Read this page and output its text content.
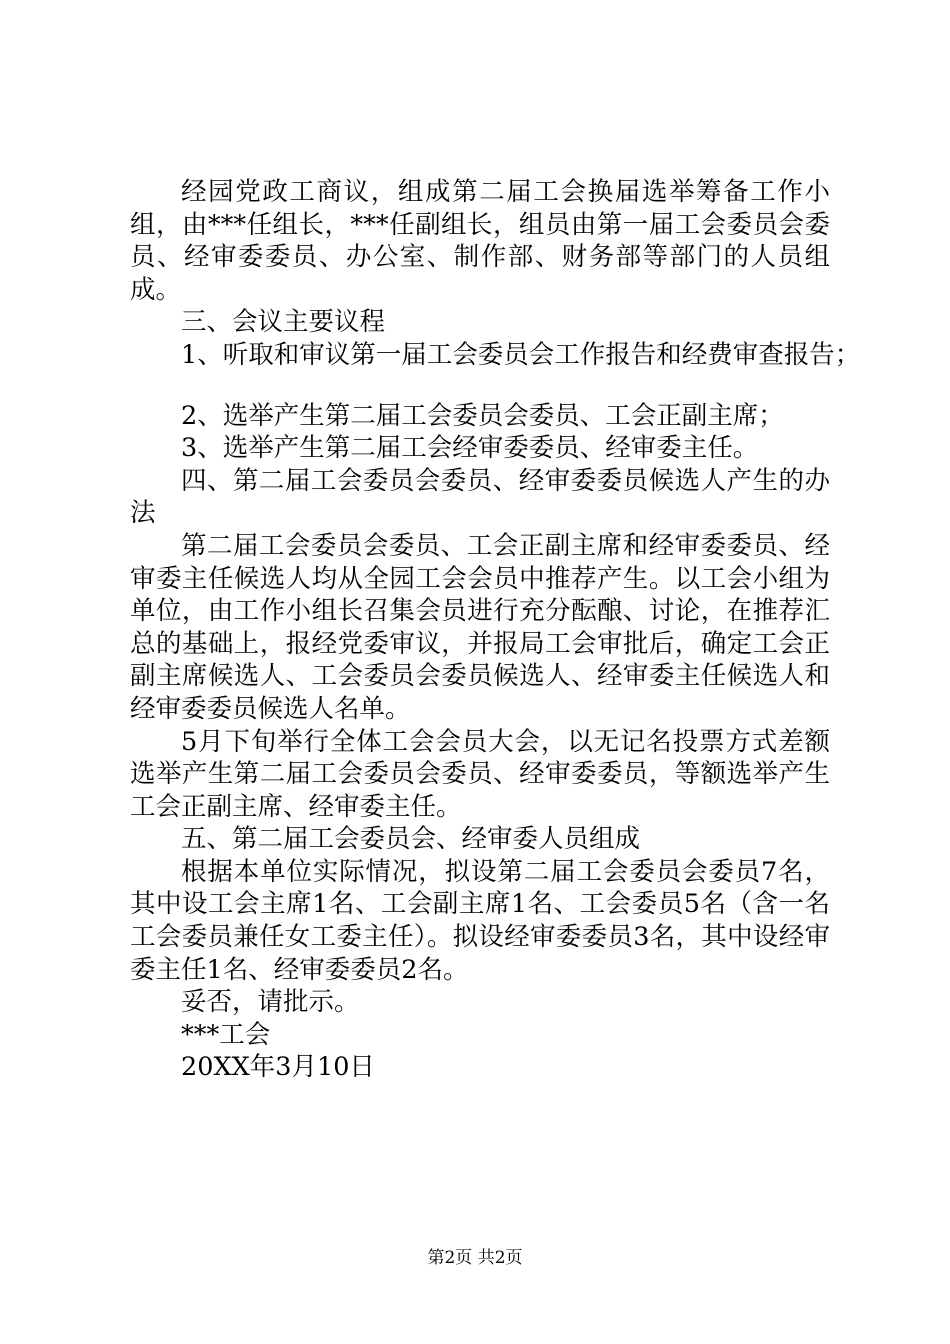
经园党政工商议，组成第二届工会换届选举筹备工作小组，由***任组长，***任副组长，组员由第一届工会委员会委员、经审委委员、办公室、制作部、财务部等部门的人员组成。

三、会议主要议程

1、听取和审议第一届工会委员会工作报告和经费审查报告；

2、选举产生第二届工会委员会委员、工会正副主席；

3、选举产生第二届工会经审委委员、经审委主任。

四、第二届工会委员会委员、经审委委员候选人产生的办法

第二届工会委员会委员、工会正副主席和经审委委员、经审委主任候选人均从全园工会会员中推荐产生。以工会小组为单位，由工作小组长召集会员进行充分酝酿、讨论，在推荐汇总的基础上，报经党委审议，并报局工会审批后，确定工会正副主席候选人、工会委员会委员候选人、经审委主任候选人和经审委委员候选人名单。

5月下旬举行全体工会会员大会，以无记名投票方式差额选举产生第二届工会委员会委员、经审委委员，等额选举产生工会正副主席、经审委主任。

五、第二届工会委员会、经审委人员组成

根据本单位实际情况，拟设第二届工会委员会委员7名，其中设工会主席1名、工会副主席1名、工会委员5名（含一名工会委员兼任女工委主任）。拟设经审委委员3名，其中设经审委主任1名、经审委委员2名。

妥否，请批示。

***工会

20XX年3月10日

第2页 共2页
